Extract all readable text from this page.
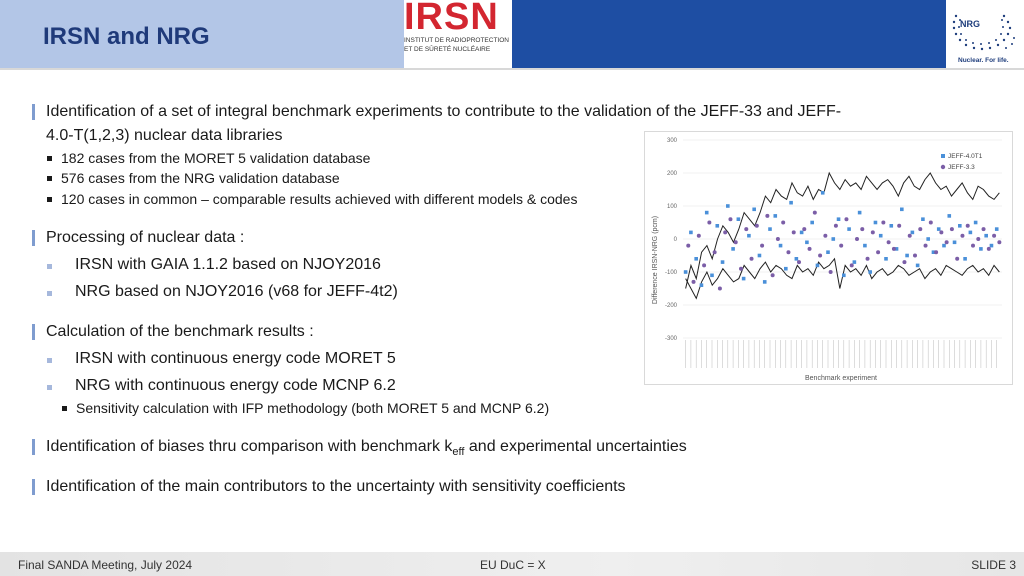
IRSN and NRG	IRSN
INSTITUT DE RADIOPROTECTION
ET DE SÛRETÉ NUCLÉAIRE
NRG
Nuclear. For life.
Identification of a set of integral benchmark experiments to contribute to the validation of the JEFF-33 and JEFF-
4.0-T(1,2,3) nuclear data libraries
182 cases from the MORET 5 validation database
576 cases from the NRG validation database
120 cases in common – comparable results achieved with different models & codes
Processing of nuclear data :
IRSN with GAIA 1.1.2 based on NJOY2016
NRG based on NJOY2016 (v68 for JEFF-4t2)
Calculation of the benchmark results :
IRSN with continuous energy code MORET 5
NRG with continuous energy code MCNP 6.2
Sensitivity calculation with IFP methodology (both MORET 5 and MCNP 6.2)
Identification of biases thru comparison with benchmark $k_{eff}$ and experimental uncertainties
Identification of the main contributors to the uncertainty with sensitivity coefficients
300
200
100
0
-100
-200
-300
Difference IRSN-NRG (pcm)
Benchmark experiment
JEFF-4.0T1
JEFF-3.3
Final SANDA Meeting, July 2024	EU DuC = X	SLIDE 3
